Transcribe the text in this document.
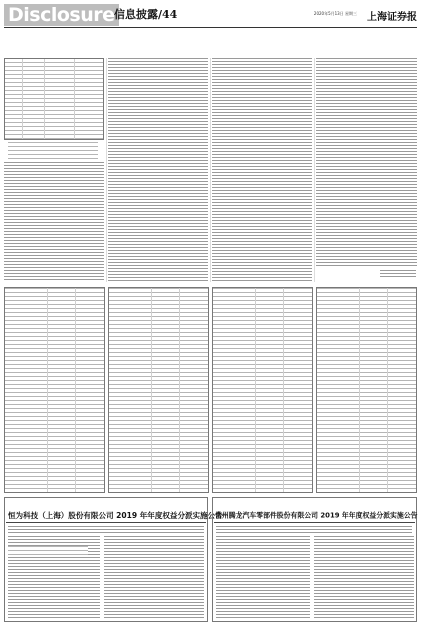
Disclosure 信息披露/44	2020年5月13日 星期三 上海证券报
恒为科技（上海）股份有限公司 2019 年年度权益分派实施公告
常州腾龙汽车零部件股份有限公司 2019 年年度权益分派实施公告
